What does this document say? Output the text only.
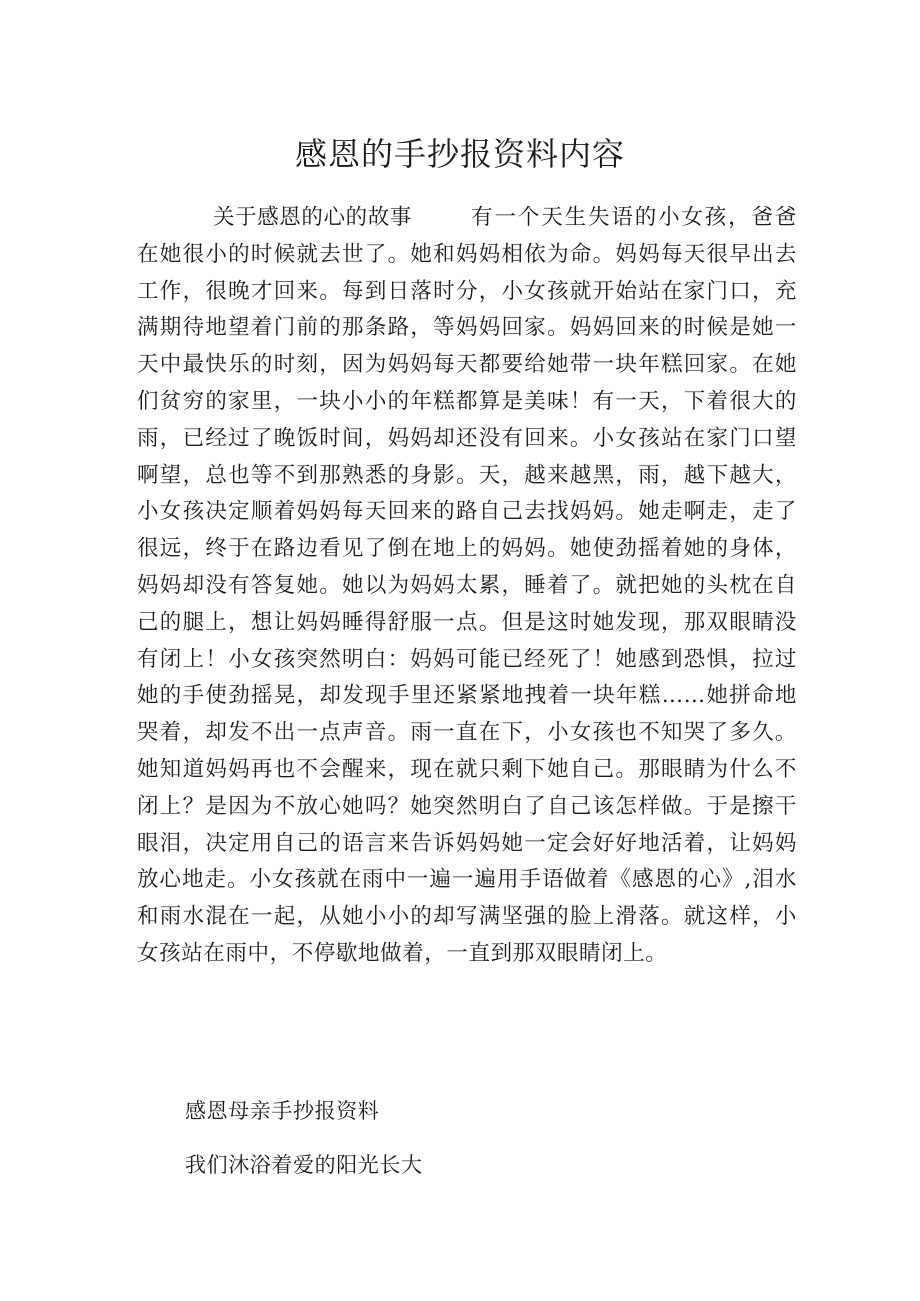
感恩的手抄报资料内容

关于感恩的心的故事	有一个天生失语的小女孩，爸爸在她很小的时候就去世了。她和妈妈相依为命。妈妈每天很早出去工作，很晚才回来。每到日落时分，小女孩就开始站在家门口，充满期待地望着门前的那条路，等妈妈回家。妈妈回来的时候是她一天中最快乐的时刻，因为妈妈每天都要给她带一块年糕回家。在她们贫穷的家里，一块小小的年糕都算是美味！有一天，下着很大的雨，已经过了晚饭时间，妈妈却还没有回来。小女孩站在家门口望啊望，总也等不到那熟悉的身影。天，越来越黑，雨，越下越大，小女孩决定顺着妈妈每天回来的路自己去找妈妈。她走啊走，走了很远，终于在路边看见了倒在地上的妈妈。她使劲摇着她的身体，妈妈却没有答复她。她以为妈妈太累，睡着了。就把她的头枕在自己的腿上，想让妈妈睡得舒服一点。但是这时她发现，那双眼睛没有闭上！小女孩突然明白：妈妈可能已经死了！她感到恐惧，拉过她的手使劲摇晃，却发现手里还紧紧地拽着一块年糕……她拼命地哭着，却发不出一点声音。雨一直在下，小女孩也不知哭了多久。她知道妈妈再也不会醒来，现在就只剩下她自己。那眼睛为什么不闭上？是因为不放心她吗？她突然明白了自己该怎样做。于是擦干眼泪，决定用自己的语言来告诉妈妈她一定会好好地活着，让妈妈放心地走。小女孩就在雨中一遍一遍用手语做着《感恩的心》,泪水和雨水混在一起，从她小小的却写满坚强的脸上滑落。就这样，小女孩站在雨中，不停歇地做着，一直到那双眼睛闭上。

感恩母亲手抄报资料

我们沐浴着爱的阳光长大
